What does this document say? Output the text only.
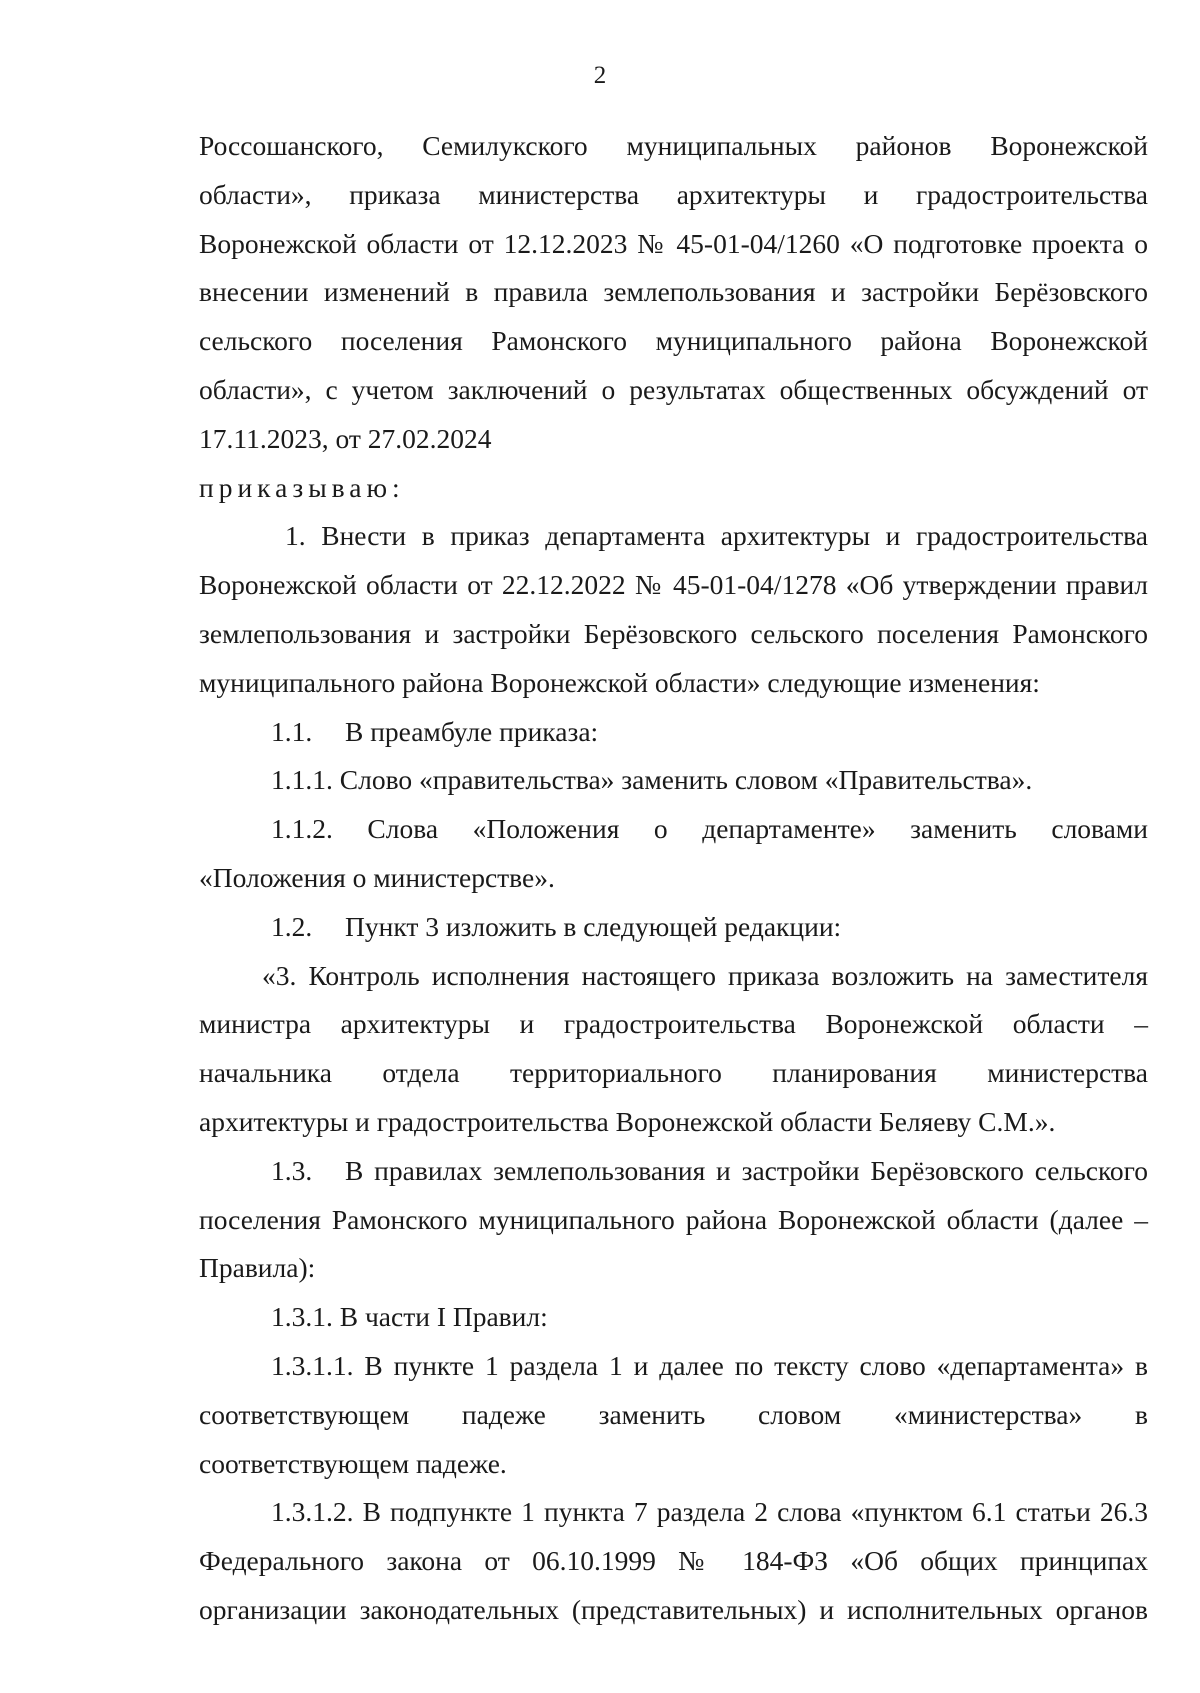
2

Россошанского, Семилукского муниципальных районов Воронежской

области», приказа министерства архитектуры и градостроительства

Воронежской области от 12.12.2023 № 45-01-04/1260 «О подготовке проекта о

внесении изменений в правила землепользования и застройки Берёзовского

сельского поселения Рамонского муниципального района Воронежской

области», с учетом заключений о результатах общественных обсуждений от

17.11.2023, от 27.02.2024

приказываю:

1. Внести в приказ департамента архитектуры и градостроительства

Воронежской области от 22.12.2022 № 45-01-04/1278 «Об утверждении правил

землепользования и застройки Берёзовского сельского поселения Рамонского

муниципального района Воронежской области» следующие изменения:

1.1. В преамбуле приказа:

1.1.1. Слово «правительства» заменить словом «Правительства».

1.1.2. Слова «Положения о департаменте» заменить словами

«Положения о министерстве».

1.2. Пункт 3 изложить в следующей редакции:

«3. Контроль исполнения настоящего приказа возложить на заместителя

министра архитектуры и градостроительства Воронежской области –

начальника отдела территориального планирования министерства

архитектуры и градостроительства Воронежской области Беляеву С.М.».

1.3. В правилах землепользования и застройки Берёзовского сельского

поселения Рамонского муниципального района Воронежской области (далее –

Правила):

1.3.1. В части I Правил:

1.3.1.1. В пункте 1 раздела 1 и далее по тексту слово «департамента» в

соответствующем падеже заменить словом «министерства» в

соответствующем падеже.

1.3.1.2. В подпункте 1 пункта 7 раздела 2 слова «пунктом 6.1 статьи 26.3

Федерального закона от 06.10.1999 № 184-ФЗ «Об общих принципах

организации законодательных (представительных) и исполнительных органов
